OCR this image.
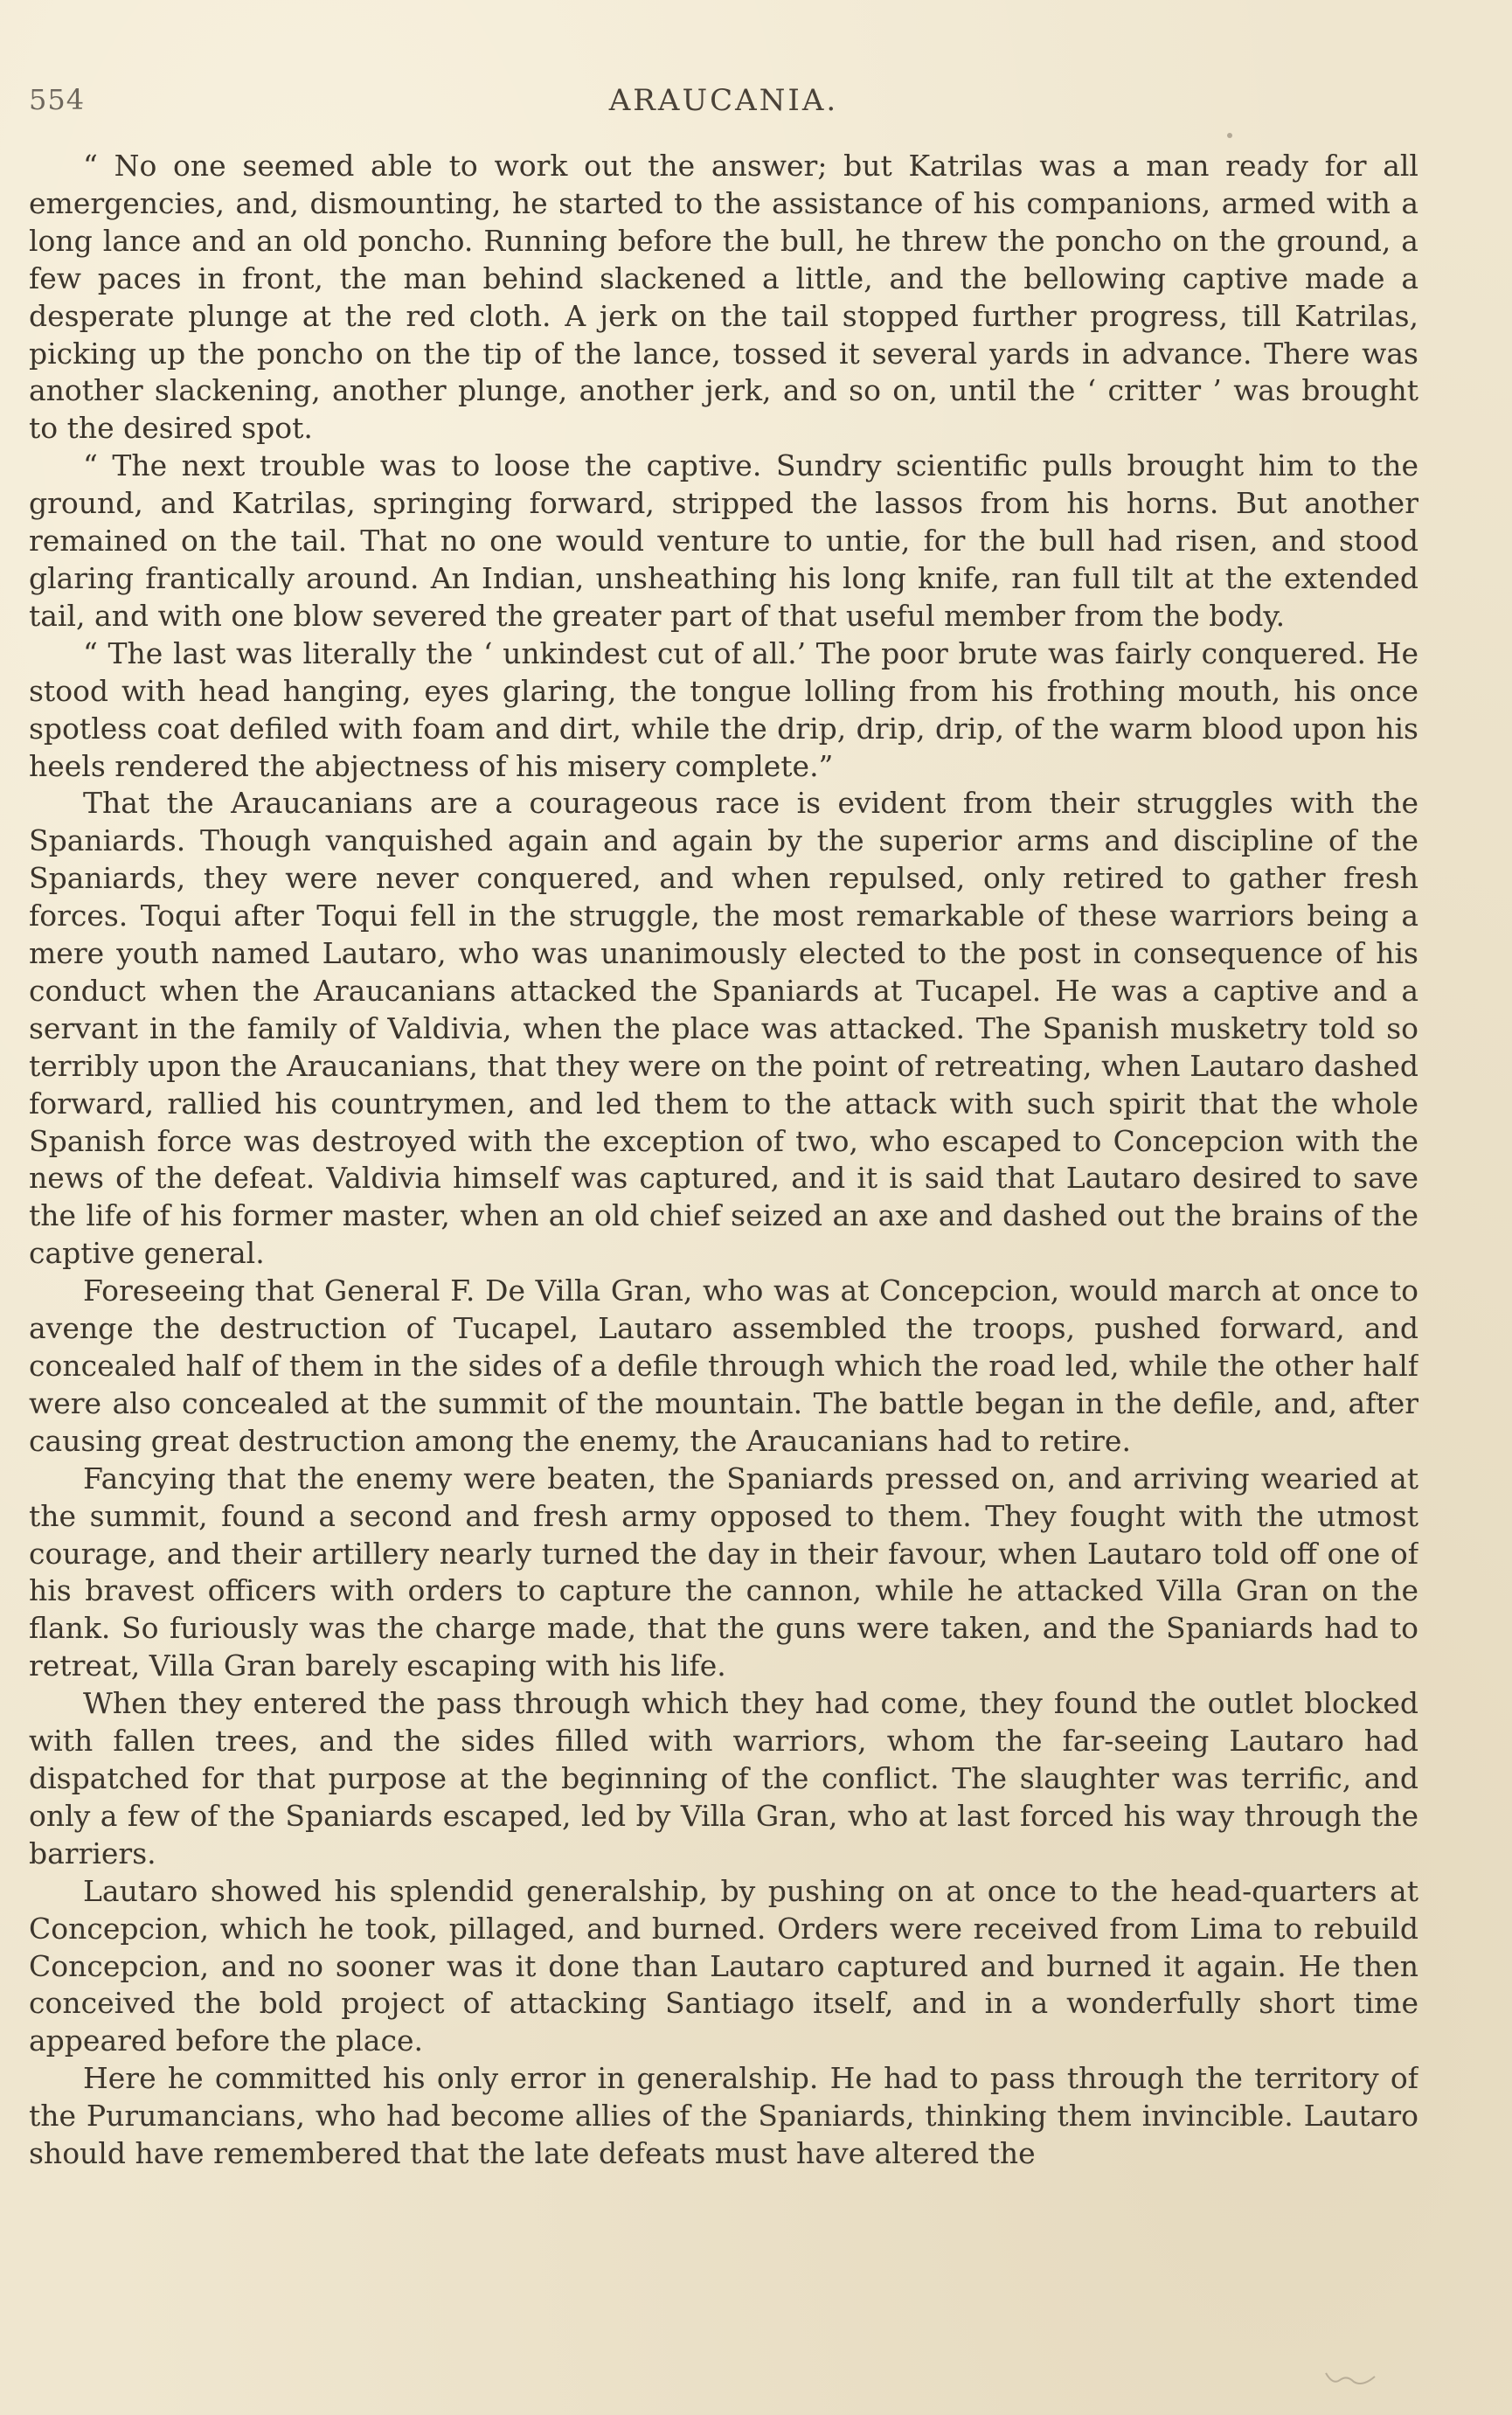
554	ARAUCANIA.

“ No one seemed able to work out the answer; but Katrilas was a man ready for all emergencies, and, dismounting, he started to the assistance of his companions, armed with a long lance and an old poncho. Running before the bull, he threw the poncho on the ground, a few paces in front, the man behind slackened a little, and the bellowing captive made a desperate plunge at the red cloth. A jerk on the tail stopped further progress, till Katrilas, picking up the poncho on the tip of the lance, tossed it several yards in advance. There was another slackening, another plunge, another jerk, and so on, until the ‘ critter ’ was brought to the desired spot.

“ The next trouble was to loose the captive. Sundry scientific pulls brought him to the ground, and Katrilas, springing forward, stripped the lassos from his horns. But another remained on the tail. That no one would venture to untie, for the bull had risen, and stood glaring frantically around. An Indian, unsheathing his long knife, ran full tilt at the extended tail, and with one blow severed the greater part of that useful member from the body.

“ The last was literally the ‘ unkindest cut of all.’ The poor brute was fairly conquered. He stood with head hanging, eyes glaring, the tongue lolling from his frothing mouth, his once spotless coat defiled with foam and dirt, while the drip, drip, drip, of the warm blood upon his heels rendered the abjectness of his misery complete.”

That the Araucanians are a courageous race is evident from their struggles with the Spaniards. Though vanquished again and again by the superior arms and discipline of the Spaniards, they were never conquered, and when repulsed, only retired to gather fresh forces. Toqui after Toqui fell in the struggle, the most remarkable of these warriors being a mere youth named Lautaro, who was unanimously elected to the post in consequence of his conduct when the Araucanians attacked the Spaniards at Tucapel. He was a captive and a servant in the family of Valdivia, when the place was attacked. The Spanish musketry told so terribly upon the Araucanians, that they were on the point of retreating, when Lautaro dashed forward, rallied his countrymen, and led them to the attack with such spirit that the whole Spanish force was destroyed with the exception of two, who escaped to Concepcion with the news of the defeat. Valdivia himself was captured, and it is said that Lautaro desired to save the life of his former master, when an old chief seized an axe and dashed out the brains of the captive general.

Foreseeing that General F. De Villa Gran, who was at Concepcion, would march at once to avenge the destruction of Tucapel, Lautaro assembled the troops, pushed forward, and concealed half of them in the sides of a defile through which the road led, while the other half were also concealed at the summit of the mountain. The battle began in the defile, and, after causing great destruction among the enemy, the Araucanians had to retire.

Fancying that the enemy were beaten, the Spaniards pressed on, and arriving wearied at the summit, found a second and fresh army opposed to them. They fought with the utmost courage, and their artillery nearly turned the day in their favour, when Lautaro told off one of his bravest officers with orders to capture the cannon, while he attacked Villa Gran on the flank. So furiously was the charge made, that the guns were taken, and the Spaniards had to retreat, Villa Gran barely escaping with his life.

When they entered the pass through which they had come, they found the outlet blocked with fallen trees, and the sides filled with warriors, whom the far-seeing Lautaro had dispatched for that purpose at the beginning of the conflict. The slaughter was terrific, and only a few of the Spaniards escaped, led by Villa Gran, who at last forced his way through the barriers.

Lautaro showed his splendid generalship, by pushing on at once to the head-quarters at Concepcion, which he took, pillaged, and burned. Orders were received from Lima to rebuild Concepcion, and no sooner was it done than Lautaro captured and burned it again. He then conceived the bold project of attacking Santiago itself, and in a wonderfully short time appeared before the place.

Here he committed his only error in generalship. He had to pass through the territory of the Purumancians, who had become allies of the Spaniards, thinking them invincible. Lautaro should have remembered that the late defeats must have altered the
